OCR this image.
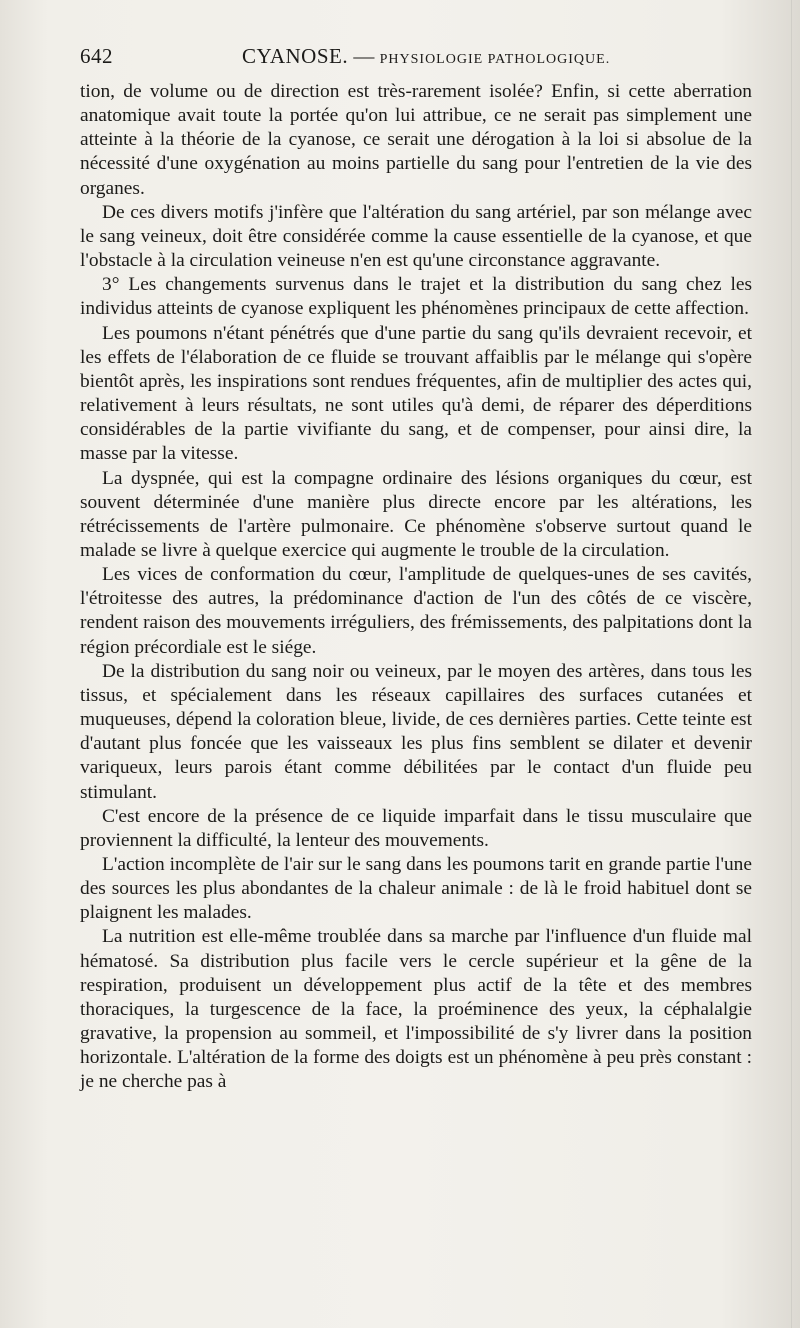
642	CYANOSE. — PHYSIOLOGIE PATHOLOGIQUE.

tion, de volume ou de direction est très-rarement isolée? Enfin, si cette aberration anatomique avait toute la portée qu'on lui attribue, ce ne serait pas simplement une atteinte à la théorie de la cyanose, ce serait une dérogation à la loi si absolue de la nécessité d'une oxygénation au moins partielle du sang pour l'entretien de la vie des organes.

De ces divers motifs j'infère que l'altération du sang artériel, par son mélange avec le sang veineux, doit être considérée comme la cause essentielle de la cyanose, et que l'obstacle à la circulation veineuse n'en est qu'une circonstance aggravante.

3° Les changements survenus dans le trajet et la distribution du sang chez les individus atteints de cyanose expliquent les phénomènes principaux de cette affection.

Les poumons n'étant pénétrés que d'une partie du sang qu'ils devraient recevoir, et les effets de l'élaboration de ce fluide se trouvant affaiblis par le mélange qui s'opère bientôt après, les inspirations sont rendues fréquentes, afin de multiplier des actes qui, relativement à leurs résultats, ne sont utiles qu'à demi, de réparer des déperditions considérables de la partie vivifiante du sang, et de compenser, pour ainsi dire, la masse par la vitesse.

La dyspnée, qui est la compagne ordinaire des lésions organiques du cœur, est souvent déterminée d'une manière plus directe encore par les altérations, les rétrécissements de l'artère pulmonaire. Ce phénomène s'observe surtout quand le malade se livre à quelque exercice qui augmente le trouble de la circulation.

Les vices de conformation du cœur, l'amplitude de quelques-unes de ses cavités, l'étroitesse des autres, la prédominance d'action de l'un des côtés de ce viscère, rendent raison des mouvements irréguliers, des frémissements, des palpitations dont la région précordiale est le siége.

De la distribution du sang noir ou veineux, par le moyen des artères, dans tous les tissus, et spécialement dans les réseaux capillaires des surfaces cutanées et muqueuses, dépend la coloration bleue, livide, de ces dernières parties. Cette teinte est d'autant plus foncée que les vaisseaux les plus fins semblent se dilater et devenir variqueux, leurs parois étant comme débilitées par le contact d'un fluide peu stimulant.

C'est encore de la présence de ce liquide imparfait dans le tissu musculaire que proviennent la difficulté, la lenteur des mouvements.

L'action incomplète de l'air sur le sang dans les poumons tarit en grande partie l'une des sources les plus abondantes de la chaleur animale : de là le froid habituel dont se plaignent les malades.

La nutrition est elle-même troublée dans sa marche par l'influence d'un fluide mal hématosé. Sa distribution plus facile vers le cercle supérieur et la gêne de la respiration, produisent un développement plus actif de la tête et des membres thoraciques, la turgescence de la face, la proéminence des yeux, la céphalalgie gravative, la propension au sommeil, et l'impossibilité de s'y livrer dans la position horizontale. L'altération de la forme des doigts est un phénomène à peu près constant : je ne cherche pas à
